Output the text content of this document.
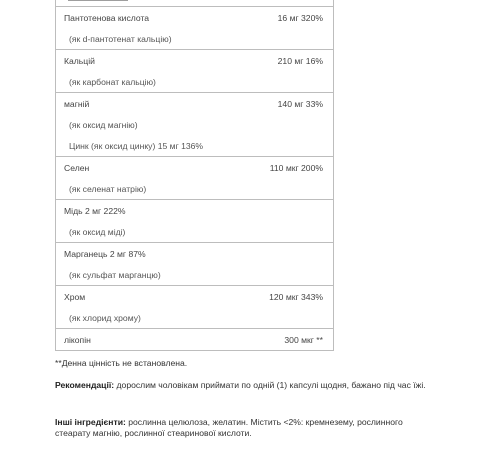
Пантотенова кислота	16 мг 320%
(як d-пантотенат кальцію)
Кальцій	210 мг 16%
(як карбонат кальцію)
магній	140 мг 33%
(як оксид магнію)
Цинк (як оксид цинку) 15 мг 136%
Селен	110 мкг 200%
(як селенат натрію)
Мідь 2 мг 222%
(як оксид міді)
Марганець 2 мг 87%
(як сульфат марганцю)
Хром	120 мкг 343%
(як хлорид хрому)
лікопін	300 мкг **
**Денна цінність не встановлена.
Рекомендації: дорослим чоловікам приймати по одній (1) капсулі щодня, бажано під час їжі.
Інші інгредієнти: рослинна целюлоза, желатин. Містить <2%: кремнезему, рослинного стеарату магнію, рослинної стеаринової кислоти.
